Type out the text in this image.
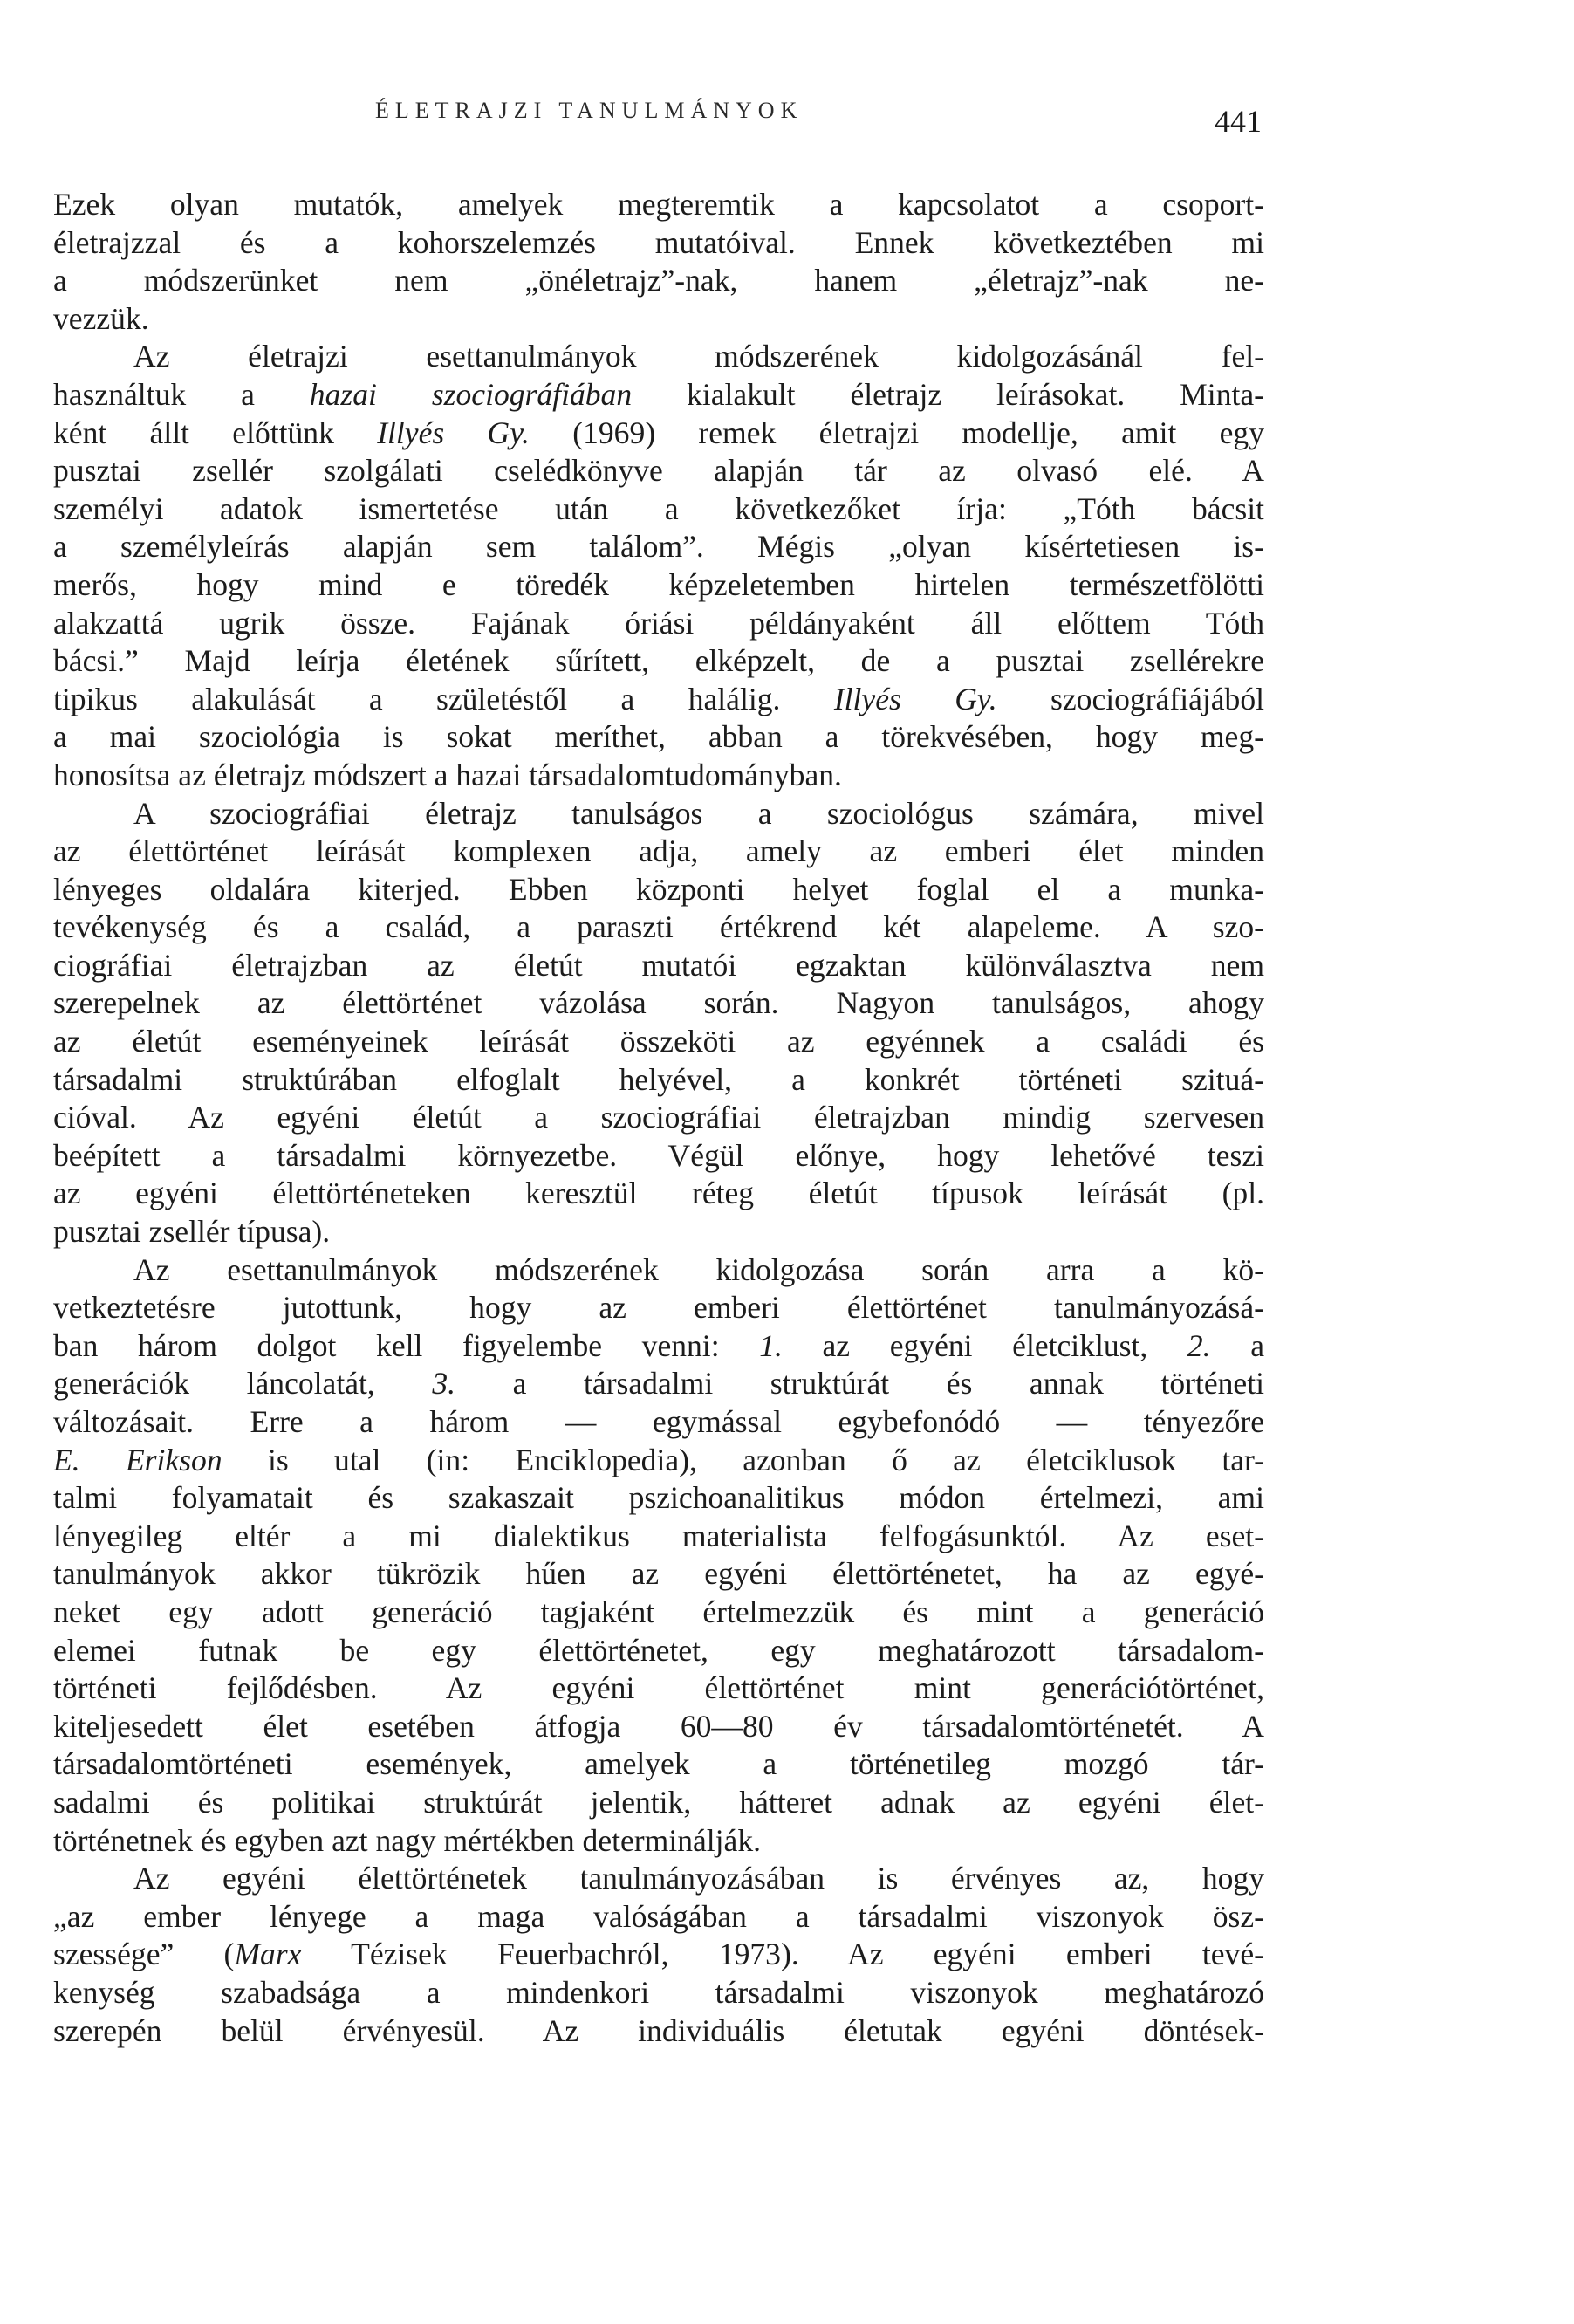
ÉLETRAJZI TANULMÁNYOK	441
Ezek olyan mutatók, amelyek megteremtik a kapcsolatot a csoport-
életrajzzal és a kohorszelemzés mutatóival. Ennek következtében mi
a módszerünket nem „önéletrajz”-nak, hanem „életrajz”-nak ne-
vezzük.
Az életrajzi esettanulmányok módszerének kidolgozásánál fel-
használtuk a hazai szociográfiában kialakult életrajz leírásokat. Minta-
ként állt előttünk Illyés Gy. (1969) remek életrajzi modellje, amit egy
pusztai zsellér szolgálati cselédkönyve alapján tár az olvasó elé. A
személyi adatok ismertetése után a következőket írja: „Tóth bácsit
a személyleírás alapján sem találom”. Mégis „olyan kísértetiesen is-
merős, hogy mind e töredék képzeletemben hirtelen természetfölötti
alakzattá ugrik össze. Fajának óriási példányaként áll előttem Tóth
bácsi.” Majd leírja életének sűrített, elképzelt, de a pusztai zsellérekre
tipikus alakulását a születéstől a halálig. Illyés Gy. szociográfiájából
a mai szociológia is sokat meríthet, abban a törekvésében, hogy meg-
honosítsa az életrajz módszert a hazai társadalomtudományban.
A szociográfiai életrajz tanulságos a szociológus számára, mivel
az élettörténet leírását komplexen adja, amely az emberi élet minden
lényeges oldalára kiterjed. Ebben központi helyet foglal el a munka-
tevékenység és a család, a paraszti értékrend két alapeleme. A szo-
ciográfiai életrajzban az életút mutatói egzaktan különválasztva nem
szerepelnek az élettörténet vázolása során. Nagyon tanulságos, ahogy
az életút eseményeinek leírását összeköti az egyénnek a családi és
társadalmi struktúrában elfoglalt helyével, a konkrét történeti szituá-
cióval. Az egyéni életút a szociográfiai életrajzban mindig szervesen
beépített a társadalmi környezetbe. Végül előnye, hogy lehetővé teszi
az egyéni élettörténeteken keresztül réteg életút típusok leírását (pl.
pusztai zsellér típusa).
Az esettanulmányok módszerének kidolgozása során arra a kö-
vetkeztetésre jutottunk, hogy az emberi élettörténet tanulmányozásá-
ban három dolgot kell figyelembe venni: 1. az egyéni életciklust, 2. a
generációk láncolatát, 3. a társadalmi struktúrát és annak történeti
változásait. Erre a három — egymással egybefonódó — tényezőre
E. Erikson is utal (in: Enciklopedia), azonban ő az életciklusok tar-
talmi folyamatait és szakaszait pszichoanalitikus módon értelmezi, ami
lényegileg eltér a mi dialektikus materialista felfogásunktól. Az eset-
tanulmányok akkor tükrözik hűen az egyéni élettörténetet, ha az egyé-
neket egy adott generáció tagjaként értelmezzük és mint a generáció
elemei futnak be egy élettörténetet, egy meghatározott társadalom-
történeti fejlődésben. Az egyéni élettörténet mint generációtörténet,
kiteljesedett élet esetében átfogja 60—80 év társadalomtörténetét. A
társadalomtörténeti események, amelyek a történetileg mozgó tár-
sadalmi és politikai struktúrát jelentik, hátteret adnak az egyéni élet-
történetnek és egyben azt nagy mértékben determinálják.
Az egyéni élettörténetek tanulmányozásában is érvényes az, hogy
„az ember lényege a maga valóságában a társadalmi viszonyok ösz-
szessége” (Marx Tézisek Feuerbachról, 1973). Az egyéni emberi tevé-
kenység szabadsága a mindenkori társadalmi viszonyok meghatározó
szerepén belül érvényesül. Az individuális életutak egyéni döntések-
